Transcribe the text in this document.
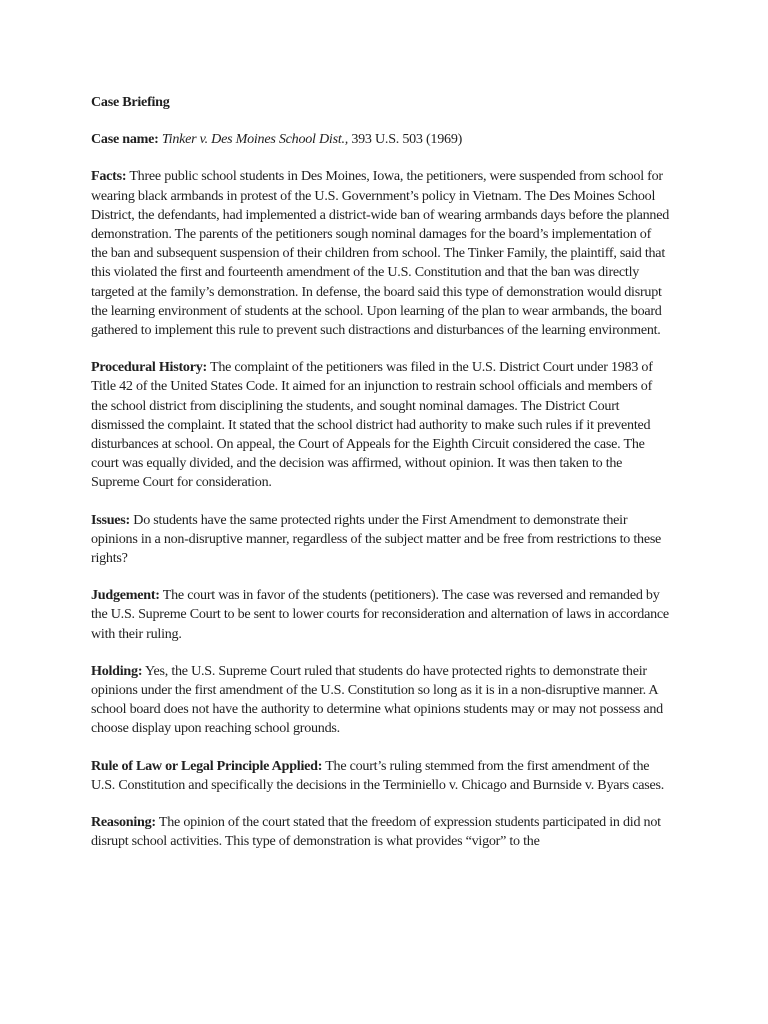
Case Briefing
Case name: Tinker v. Des Moines School Dist., 393 U.S. 503 (1969)
Facts: Three public school students in Des Moines, Iowa, the petitioners, were suspended from school for wearing black armbands in protest of the U.S. Government’s policy in Vietnam. The Des Moines School District, the defendants, had implemented a district-wide ban of wearing armbands days before the planned demonstration. The parents of the petitioners sough nominal damages for the board’s implementation of the ban and subsequent suspension of their children from school. The Tinker Family, the plaintiff, said that this violated the first and fourteenth amendment of the U.S. Constitution and that the ban was directly targeted at the family’s demonstration. In defense, the board said this type of demonstration would disrupt the learning environment of students at the school. Upon learning of the plan to wear armbands, the board gathered to implement this rule to prevent such distractions and disturbances of the learning environment.
Procedural History: The complaint of the petitioners was filed in the U.S. District Court under 1983 of Title 42 of the United States Code. It aimed for an injunction to restrain school officials and members of the school district from disciplining the students, and sought nominal damages. The District Court dismissed the complaint. It stated that the school district had authority to make such rules if it prevented disturbances at school. On appeal, the Court of Appeals for the Eighth Circuit considered the case. The court was equally divided, and the decision was affirmed, without opinion. It was then taken to the Supreme Court for consideration.
Issues: Do students have the same protected rights under the First Amendment to demonstrate their opinions in a non-disruptive manner, regardless of the subject matter and be free from restrictions to these rights?
Judgement: The court was in favor of the students (petitioners). The case was reversed and remanded by the U.S. Supreme Court to be sent to lower courts for reconsideration and alternation of laws in accordance with their ruling.
Holding: Yes, the U.S. Supreme Court ruled that students do have protected rights to demonstrate their opinions under the first amendment of the U.S. Constitution so long as it is in a non-disruptive manner. A school board does not have the authority to determine what opinions students may or may not possess and choose display upon reaching school grounds.
Rule of Law or Legal Principle Applied: The court’s ruling stemmed from the first amendment of the U.S. Constitution and specifically the decisions in the Terminiello v. Chicago and Burnside v. Byars cases.
Reasoning: The opinion of the court stated that the freedom of expression students participated in did not disrupt school activities. This type of demonstration is what provides “vigor” to the
